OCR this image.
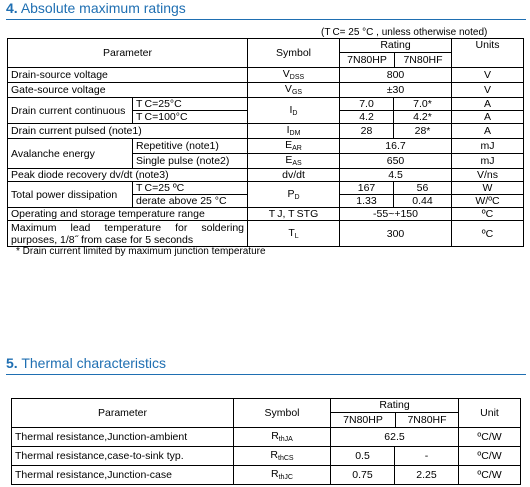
4. Absolute maximum ratings
(T C= 25 °C , unless otherwise noted)
Parameter		Symbol	Rating
7N80HP 7N80HF		Units
Drain-source voltage		$V_{DSS}$	800		V
Gate-source voltage		$V_{GS}$	±30		V
Drain current continuous	T C=25°C	$I_D$	7.0	7.0*	A
	T C=100°C		4.2	4.2*	A
Drain current pulsed (note1)		$I_{DM}$	28	28*	A
Avalanche energy	Repetitive (note1)	$E_{AR}$	16.7		mJ
	Single pulse (note2)	$E_{AS}$	650		mJ
Peak diode recovery dv/dt (note3)		dv/dt	4.5		V/ns
Total power dissipation	T C=25 ºC	$P_D$	167	56	W
	derate above 25 °C		1.33	0.44	W/ºC
Operating and storage temperature range		T J, T STG	-55~+150		ºC
Maximum lead temperature for soldering purposes, 1/8˝ from case for 5 seconds		$T_L$	300		ºC
* Drain current limited by maximum junction temperature
5. Thermal characteristics
Parameter	Symbol	Rating
7N80HP 7N80HF		Unit
Thermal resistance,Junction-ambient	$R_{thJA}$	62.5		ºC/W
Thermal resistance,case-to-sink typ.	$R_{thCS}$	0.5	-	ºC/W
Thermal resistance,Junction-case	$R_{thJC}$	0.75	2.25	ºC/W
